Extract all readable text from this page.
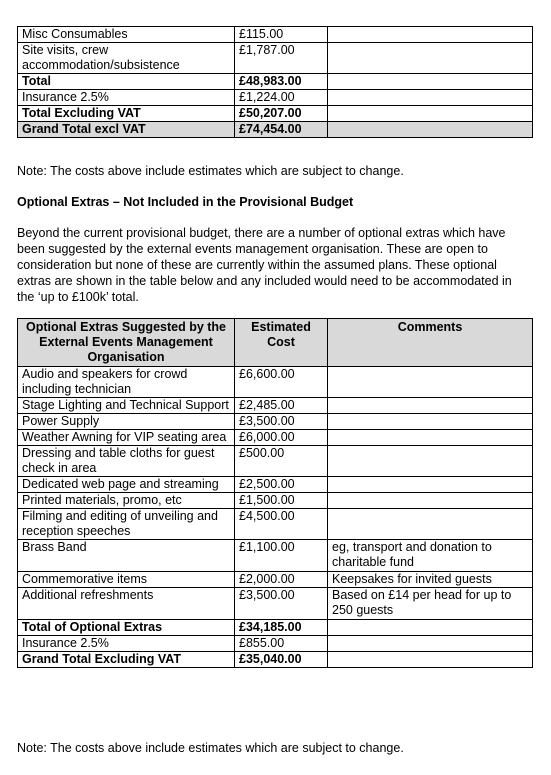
Misc Consumables	£115.00	
Site visits, crew accommodation/subsistence	£1,787.00	
Total	£48,983.00	
Insurance 2.5%	£1,224.00	
Total Excluding VAT	£50,207.00	
Grand Total excl VAT	£74,454.00	

Note: The costs above include estimates which are subject to change.

Optional Extras – Not Included in the Provisional Budget

Beyond the current provisional budget, there are a number of optional extras which have been suggested by the external events management organisation. These are open to consideration but none of these are currently within the assumed plans. These optional extras are shown in the table below and any included would need to be accommodated in the ‘up to £100k’ total.

Optional Extras Suggested by the External Events Management Organisation	Estimated Cost	Comments
Audio and speakers for crowd including technician	£6,600.00	
Stage Lighting and Technical Support	£2,485.00	
Power Supply	£3,500.00	
Weather Awning for VIP seating area	£6,000.00	
Dressing and table cloths for guest check in area	£500.00	
Dedicated web page and streaming	£2,500.00	
Printed materials, promo, etc	£1,500.00	
Filming and editing of unveiling and reception speeches	£4,500.00	
Brass Band	£1,100.00	eg, transport and donation to charitable fund
Commemorative items	£2,000.00	Keepsakes for invited guests
Additional refreshments	£3,500.00	Based on £14 per head for up to 250 guests
Total of Optional Extras	£34,185.00	
Insurance 2.5%	£855.00	
Grand Total Excluding VAT	£35,040.00	

Note: The costs above include estimates which are subject to change.
